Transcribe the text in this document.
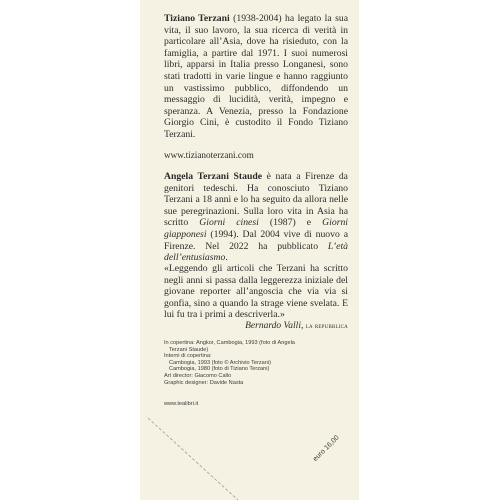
Tiziano Terzani (1938-2004) ha legato la sua vita, il suo lavoro, la sua ricerca di verità in particolare all’Asia, dove ha risieduto, con la famiglia, a partire dal 1971. I suoi numerosi libri, apparsi in Italia presso Longanesi, sono stati tradotti in varie lingue e hanno raggiunto un vastissimo pubblico, diffondendo un messaggio di lucidità, verità, impegno e speranza. A Venezia, presso la Fondazione Giorgio Cini, è custodito il Fondo Tiziano Terzani.
www.tizianoterzani.com
Angela Terzani Staude è nata a Firenze da genitori tedeschi. Ha conosciuto Tiziano Terzani a 18 anni e lo ha seguito da allora nelle sue peregrinazioni. Sulla loro vita in Asia ha scritto Giorni cinesi (1987) e Giorni giapponesi (1994). Dal 2004 vive di nuovo a Firenze. Nel 2022 ha pubblicato L’età dell’entusiasmo.
«Leggendo gli articoli che Terzani ha scritto negli anni si passa dalla leggerezza iniziale del giovane reporter all’angoscia che via via si gonfia, sino a quando la strage viene svelata. E lui fu tra i primi a descriverla.»
Bernardo Valli, la repubblica
In copertina: Angkor, Cambogia, 1993 (foto di Angela
Terzani Staude)
Interni di copertina:
Cambogia, 1993 (foto © Archivio Terzani)
Cambogia, 1980 (foto di Tiziano Terzani)
Art director: Giacomo Callo
Graphic designer: Davide Nasta
www.tealibri.it
euro 16,00
